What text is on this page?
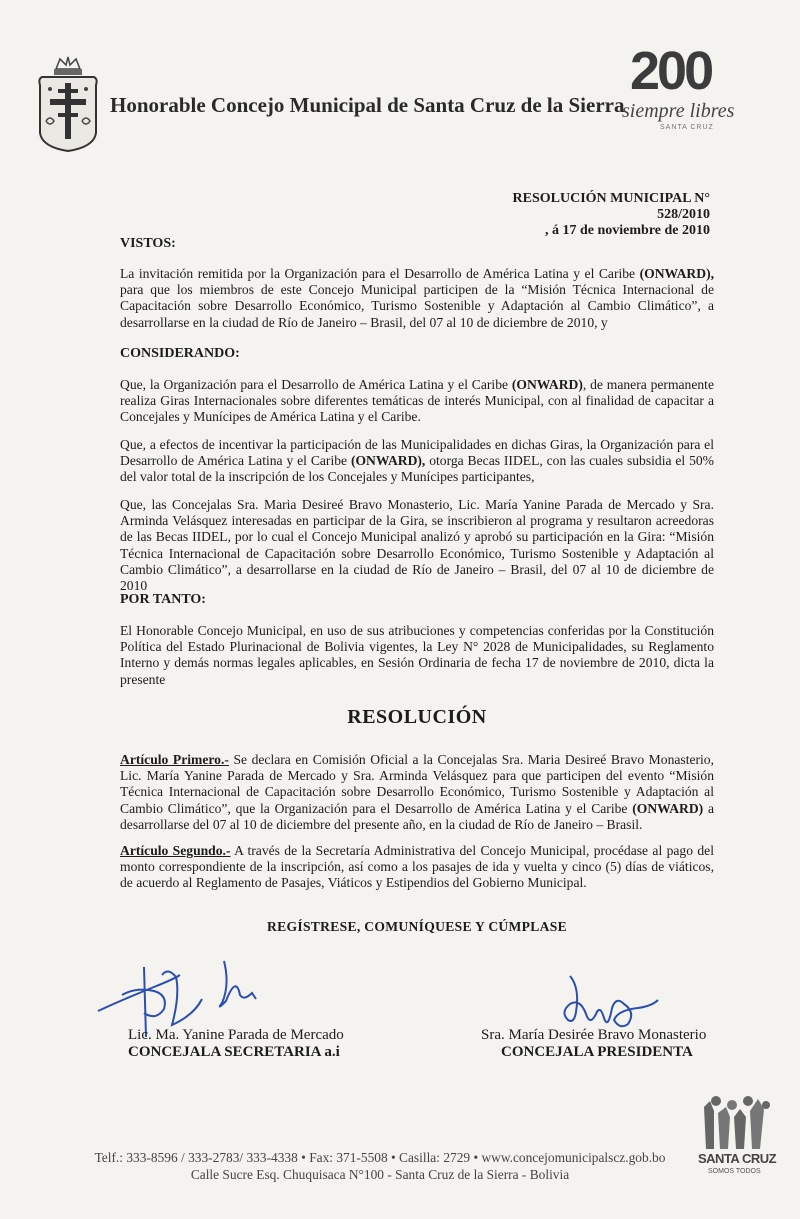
Honorable Concejo Municipal de Santa Cruz de la Sierra
200
siempre libres
SANTA CRUZ
RESOLUCIÓN MUNICIPAL N° 528/2010
, á 17 de noviembre de 2010
VISTOS:
La invitación remitida por la Organización para el Desarrollo de América Latina y el Caribe (ONWARD), para que los miembros de este Concejo Municipal participen de la “Misión Técnica Internacional de Capacitación sobre Desarrollo Económico, Turismo Sostenible y Adaptación al Cambio Climático”, a desarrollarse en la ciudad de Río de Janeiro – Brasil, del 07 al 10 de diciembre de 2010, y
CONSIDERANDO:
Que, la Organización para el Desarrollo de América Latina y el Caribe (ONWARD), de manera permanente realiza Giras Internacionales sobre diferentes temáticas de interés Municipal, con al finalidad de capacitar a Concejales y Munícipes de América Latina y el Caribe.
Que, a efectos de incentivar la participación de las Municipalidades en dichas Giras, la Organización para el Desarrollo de América Latina y el Caribe (ONWARD), otorga Becas IIDEL, con las cuales subsidia el 50% del valor total de la inscripción de los Concejales y Munícipes participantes,
Que, las Concejalas Sra. Maria Desireé Bravo Monasterio, Lic. María Yanine Parada de Mercado y Sra. Arminda Velásquez interesadas en participar de la Gira, se inscribieron al programa y resultaron acreedoras de las Becas IIDEL, por lo cual el Concejo Municipal analizó y aprobó su participación en la Gira: “Misión Técnica Internacional de Capacitación sobre Desarrollo Económico, Turismo Sostenible y Adaptación al Cambio Climático”, a desarrollarse en la ciudad de Río de Janeiro – Brasil, del 07 al 10 de diciembre de 2010
POR TANTO:
El Honorable Concejo Municipal, en uso de sus atribuciones y competencias conferidas por la Constitución Política del Estado Plurinacional de Bolivia vigentes, la Ley N° 2028 de Municipalidades, su Reglamento Interno y demás normas legales aplicables, en Sesión Ordinaria de fecha 17 de noviembre de 2010, dicta la presente
RESOLUCIÓN
Artículo Primero.- Se declara en Comisión Oficial a la Concejalas Sra. Maria Desireé Bravo Monasterio, Lic. María Yanine Parada de Mercado y Sra. Arminda Velásquez para que participen del evento “Misión Técnica Internacional de Capacitación sobre Desarrollo Económico, Turismo Sostenible y Adaptación al Cambio Climático”, que la Organización para el Desarrollo de América Latina y el Caribe (ONWARD) a desarrollarse del 07 al 10 de diciembre del presente año, en la ciudad de Río de Janeiro – Brasil.
Artículo Segundo.- A través de la Secretaría Administrativa del Concejo Municipal, procédase al pago del monto correspondiente de la inscripción, así como a los pasajes de ida y vuelta y cinco (5) días de viáticos, de acuerdo al Reglamento de Pasajes, Viáticos y Estipendios del Gobierno Municipal.
REGÍSTRESE, COMUNÍQUESE Y CÚMPLASE
Lic. Ma. Yanine Parada de Mercado
CONCEJALA SECRETARIA a.i
Sra. María Desirée Bravo Monasterio
CONCEJALA PRESIDENTA
Telf.: 333-8596 / 333-2783/ 333-4338 • Fax: 371-5508 • Casilla: 2729 • www.concejomunicipalscz.gob.bo
Calle Sucre Esq. Chuquisaca N°100 - Santa Cruz de la Sierra - Bolivia
SANTA CRUZ
SOMOS TODOS
